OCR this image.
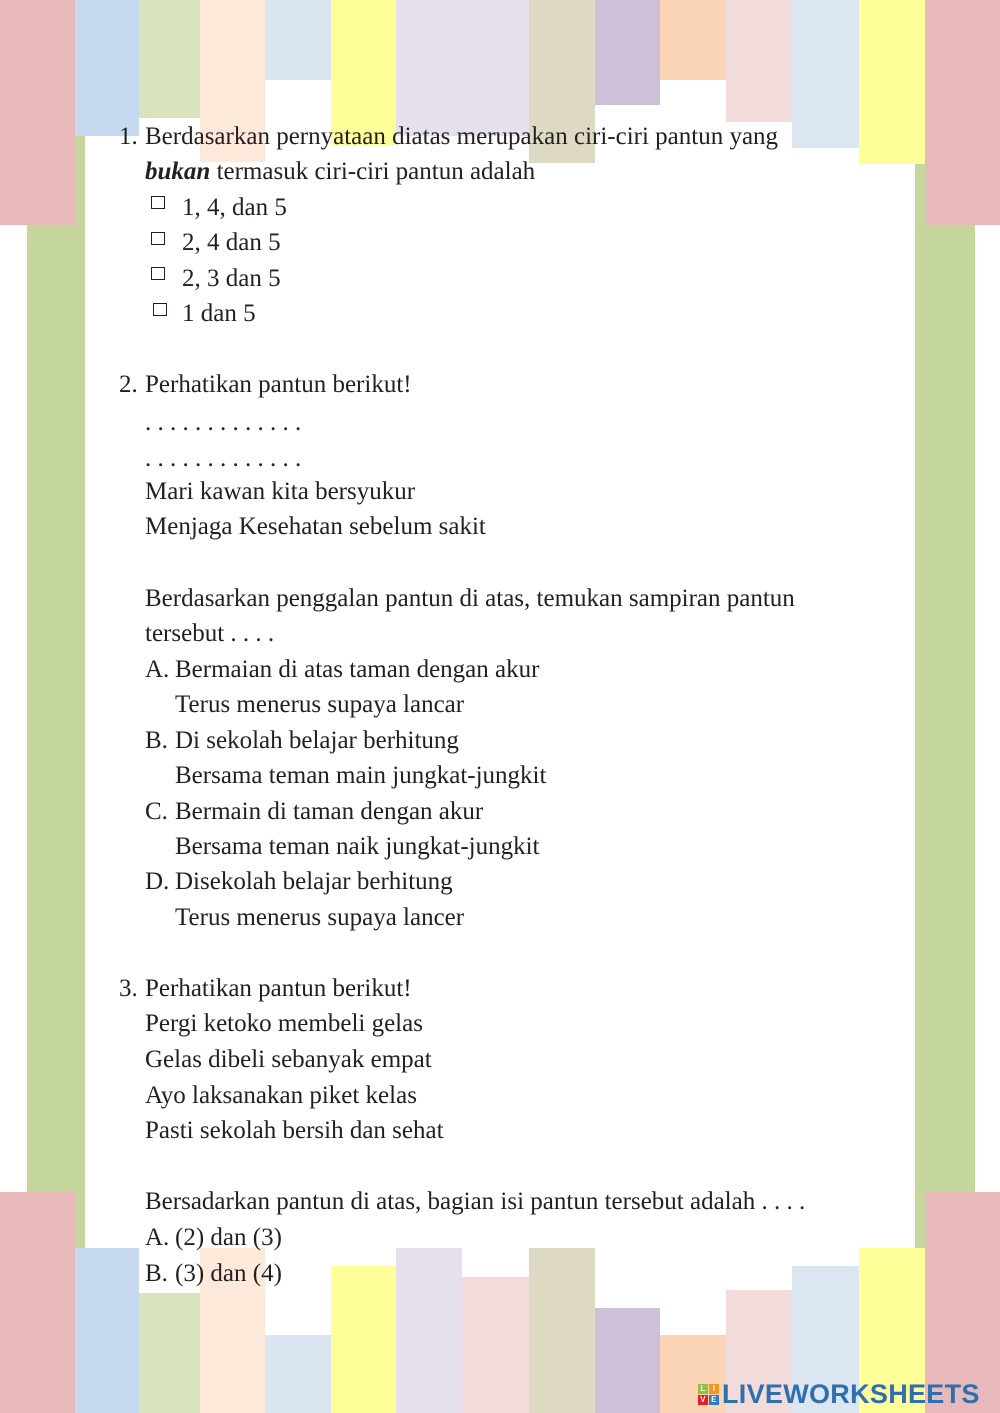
1. Berdasarkan pernyataan diatas merupakan ciri-ciri pantun yang
bukan termasuk ciri-ciri pantun adalah
1, 4, dan 5
2, 4 dan 5
2, 3 dan 5
1 dan 5
2. Perhatikan pantun berikut!
. . . . . . . . . . . . .
. . . . . . . . . . . . .
Mari kawan kita bersyukur
Menjaga Kesehatan sebelum sakit
Berdasarkan penggalan pantun di atas, temukan sampiran pantun
tersebut . . . .
A. Bermaian di atas taman dengan akur
Terus menerus supaya lancar
B. Di sekolah belajar berhitung
Bersama teman main jungkat-jungkit
C. Bermain di taman dengan akur
Bersama teman naik jungkat-jungkit
D. Disekolah belajar berhitung
Terus menerus supaya lancer
3. Perhatikan pantun berikut!
Pergi ketoko membeli gelas
Gelas dibeli sebanyak empat
Ayo laksanakan piket kelas
Pasti sekolah bersih dan sehat
Bersadarkan pantun di atas, bagian isi pantun tersebut adalah . . . .
A. (2) dan (3)
B. (3) dan (4)
L I
V E LIVEWORKSHEETS
